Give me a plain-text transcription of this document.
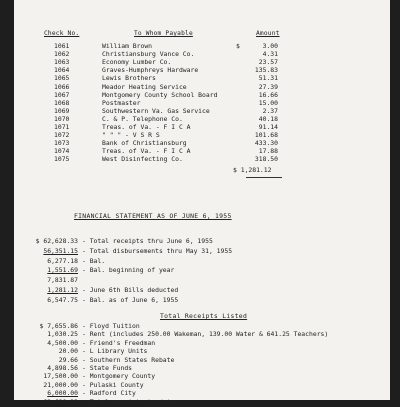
Check No.	To Whom Payable	Amount
1061	William Brown	3.00
1062	Christiansburg Vance Co.	4.31
1063	Economy Lumber Co.	23.57
1064	Graves-Humphreys Hardware	135.83
1065	Lewis Brothers	51.31
1066	Meador Heating Service	27.39
1067	Montgomery County School Board	16.66
1068	Postmaster	15.00
1069	Southwestern Va. Gas Service	2.37
1070	C. & P. Telephone Co.	40.18
1071	Treas. of Va. - F I C A	91.14
1072	" " " - V S R S	101.68
1073	Bank of Christiansburg	433.30
1074	Treas. of Va. - F I C A	17.88
1075	West Disinfecting Co.	318.50
$
$ 1,281.12
FINANCIAL STATEMENT AS OF JUNE 6, 1955
$ 62,628.33 - Total receipts thru June 6, 1955
56,351.15 - Total disbursements thru May 31, 1955
6,277.18 - Bal.
1,551.69 - Bal. beginning of year
7,831.87
1,281.12 - June 6th Bills deducted
6,547.75 - Bal. as of June 6, 1955
Total Receipts Listed
$ 7,655.86 - Floyd Tuition
1,030.25 - Rent (includes 250.00 Wakeman, 139.00 Water & 641.25 Teachers)
4,500.00 - Friend's Freedman
20.00 - L Library Units
29.66 - Southern States Rebate
4,898.56 - State Funds
17,500.00 - Montgomery County
21,000.00 - Pulaski County
6,000.00 - Radford City
62,628.33 - Total receipts to date
